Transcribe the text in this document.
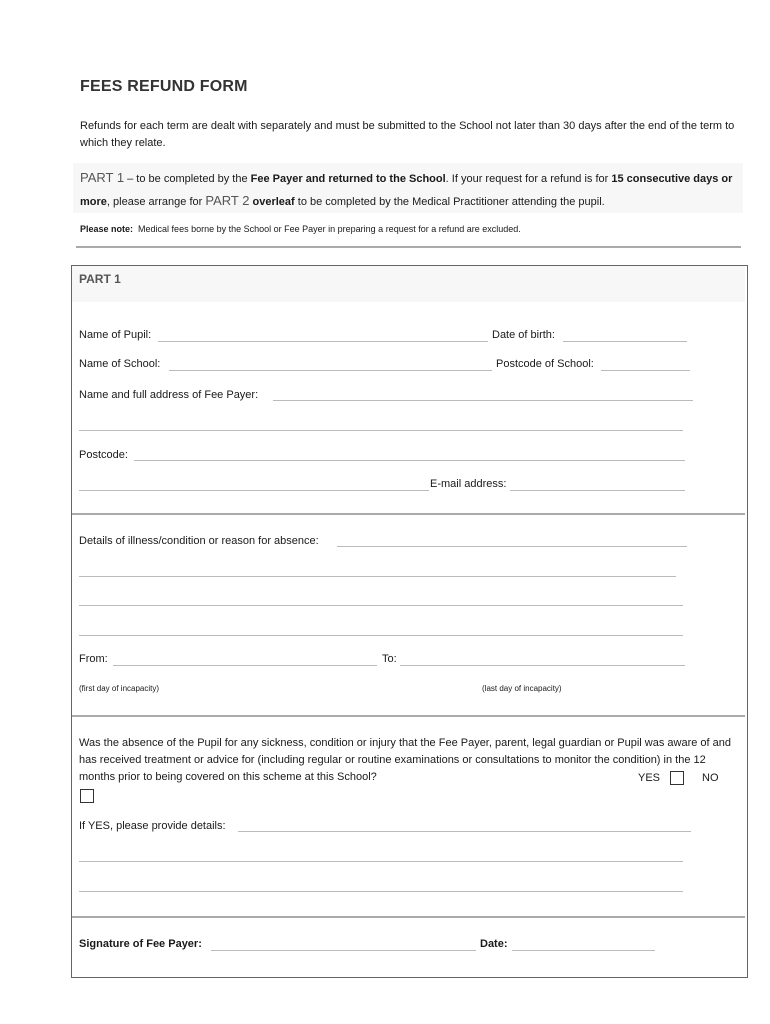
FEES REFUND FORM
Refunds for each term are dealt with separately and must be submitted to the School not later than 30 days after the end of the term to which they relate.
PART 1 – to be completed by the Fee Payer and returned to the School. If your request for a refund is for 15 consecutive days or more, please arrange for PART 2 overleaf to be completed by the Medical Practitioner attending the pupil.
Please note: Medical fees borne by the School or Fee Payer in preparing a request for a refund are excluded.
PART 1
Name of Pupil:	Date of birth:
Name of School:	Postcode of School:
Name and full address of Fee Payer:
Postcode:
E-mail address:
Details of illness/condition or reason for absence:
From:	To:
(first day of incapacity)	(last day of incapacity)
Was the absence of the Pupil for any sickness, condition or injury that the Fee Payer, parent, legal guardian or Pupil was aware of and has received treatment or advice for (including regular or routine examinations or consultations to monitor the condition) in the 12 months prior to being covered on this scheme at this School?	YES	NO
If YES, please provide details:
Signature of Fee Payer:	Date:
